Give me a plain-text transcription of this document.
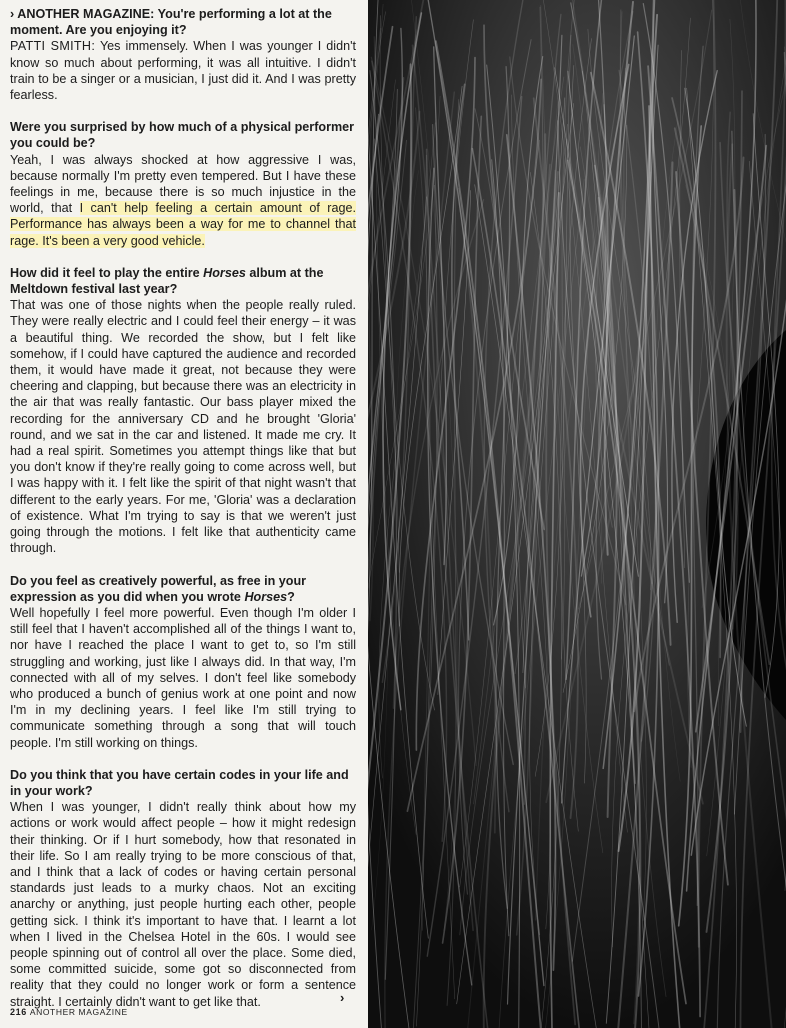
› ANOTHER MAGAZINE: You're performing a lot at the moment. Are you enjoying it?

PATTI SMITH: Yes immensely. When I was younger I didn't know so much about performing, it was all intuitive. I didn't train to be a singer or a musician, I just did it. And I was pretty fearless.

Were you surprised by how much of a physical performer you could be?

Yeah, I was always shocked at how aggressive I was, because normally I'm pretty even tempered. But I have these feelings in me, because there is so much injustice in the world, that I can't help feeling a certain amount of rage. Performance has always been a way for me to channel that rage. It's been a very good vehicle.

How did it feel to play the entire Horses album at the Meltdown festival last year?

That was one of those nights when the people really ruled. They were really electric and I could feel their energy – it was a beautiful thing. We recorded the show, but I felt like somehow, if I could have captured the audience and recorded them, it would have made it great, not because they were cheering and clapping, but because there was an electricity in the air that was really fantastic. Our bass player mixed the recording for the anniversary CD and he brought 'Gloria' round, and we sat in the car and listened. It made me cry. It had a real spirit. Sometimes you attempt things like that but you don't know if they're really going to come across well, but I was happy with it. I felt like the spirit of that night wasn't that different to the early years. For me, 'Gloria' was a declaration of existence. What I'm trying to say is that we weren't just going through the motions. I felt like that authenticity came through.

Do you feel as creatively powerful, as free in your expression as you did when you wrote Horses?

Well hopefully I feel more powerful. Even though I'm older I still feel that I haven't accomplished all of the things I want to, nor have I reached the place I want to get to, so I'm still struggling and working, just like I always did. In that way, I'm connected with all of my selves. I don't feel like somebody who produced a bunch of genius work at one point and now I'm in my declining years. I feel like I'm still trying to communicate something through a song that will touch people. I'm still working on things.

Do you think that you have certain codes in your life and in your work?

When I was younger, I didn't really think about how my actions or work would affect people – how it might redesign their thinking. Or if I hurt somebody, how that resonated in their life. So I am really trying to be more conscious of that, and I think that a lack of codes or having certain personal standards just leads to a murky chaos. Not an exciting anarchy or anything, just people hurting each other, people getting sick. I think it's important to have that. I learnt a lot when I lived in the Chelsea Hotel in the 60s. I would see people spinning out of control all over the place. Some died, some committed suicide, some got so disconnected from reality that they could no longer work or form a sentence straight. I certainly didn't want to get like that.	›
216 ANOTHER MAGAZINE
